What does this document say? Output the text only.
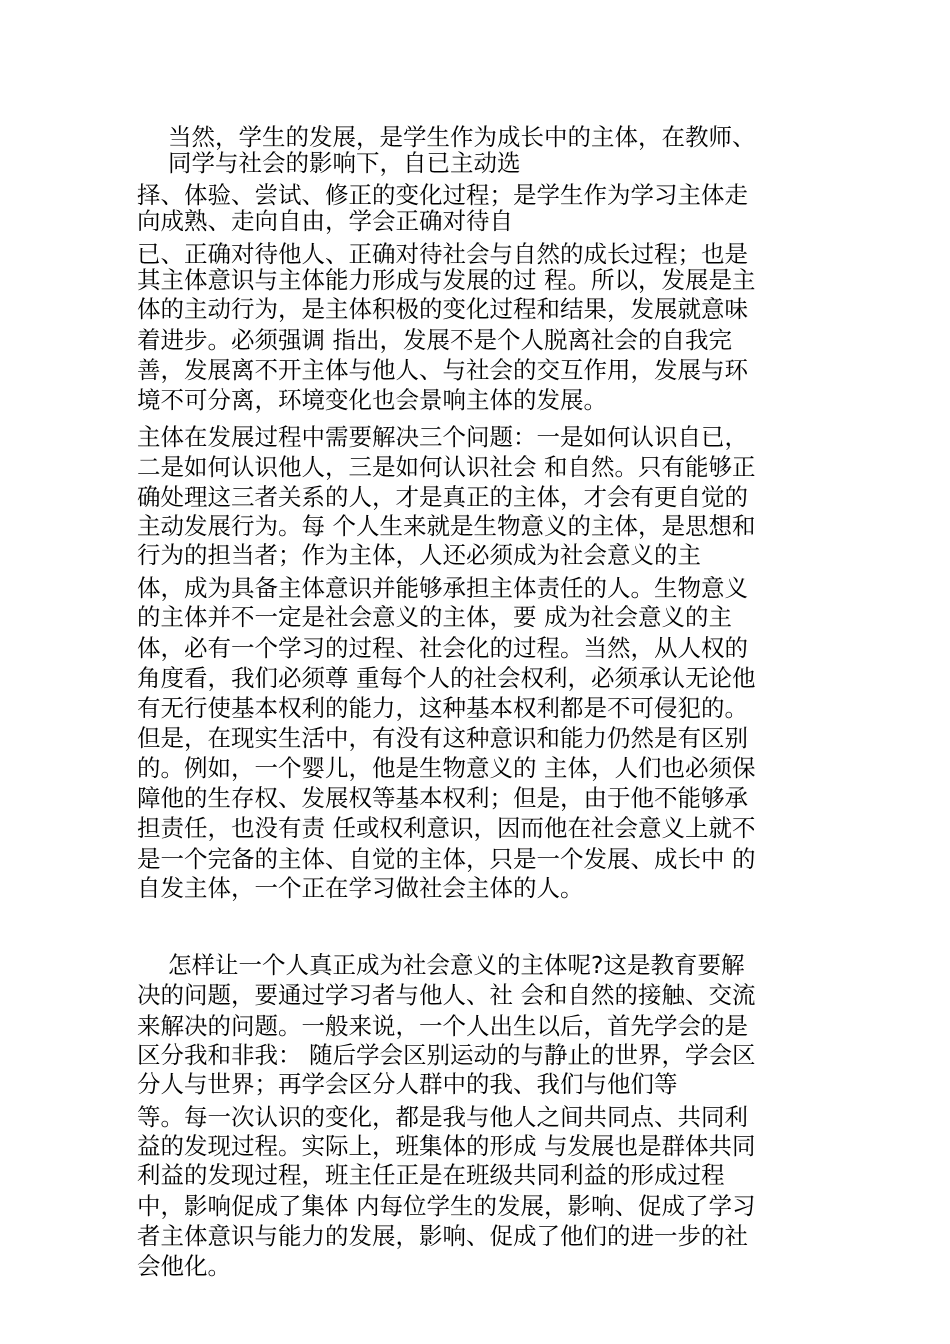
当然，学生的发展，是学生作为成长中的主体，在教师、

同学与社会的影响下，自已主动选

择、体验、尝试、修正的变化过程；是学生作为学习主体走

向成熟、走向自由，学会正确对待自

已、正确对待他人、正确对待社会与自然的成长过程；也是

其主体意识与主体能力形成与发展的过 程。所以，发展是主

体的主动行为，是主体积极的变化过程和结果，发展就意味

着进步。必须强调 指出，发展不是个人脱离社会的自我完

善，发展离不开主体与他人、与社会的交互作用，发展与环

境不可分离，环境变化也会景响主体的发展。

主体在发展过程中需要解决三个问题：一是如何认识自已，

二是如何认识他人，三是如何认识社会 和自然。只有能够正

确处理这三者关系的人，才是真正的主体，才会有更自觉的

主动发展行为。每 个人生来就是生物意义的主体，是思想和

行为的担当者；作为主体，人还必须成为社会意义的主

体，成为具备主体意识并能够承担主体责任的人。生物意义

的主体并不一定是社会意义的主体，要 成为社会意义的主

体，必有一个学习的过程、社会化的过程。当然，从人权的

角度看，我们必须尊 重每个人的社会权利，必须承认无论他

有无行使基本权利的能力，这种基本权利都是不可侵犯的。

但是，在现实生活中，有没有这种意识和能力仍然是有区别

的。例如，一个婴儿，他是生物意义的 主体，人们也必须保

障他的生存权、发展权等基本权利；但是，由于他不能够承

担责任，也没有责 任或权利意识，因而他在社会意义上就不

是一个完备的主体、自觉的主体，只是一个发展、成长中 的

自发主体，一个正在学习做社会主体的人。

怎样让一个人真正成为社会意义的主体呢?这是教育要解

决的问题，要通过学习者与他人、社 会和自然的接触、交流

来解决的问题。一般来说，一个人出生以后，首先学会的是

区分我和非我： 随后学会区别运动的与静止的世界，学会区

分人与世界；再学会区分人群中的我、我们与他们等

等。每一次认识的变化，都是我与他人之间共同点、共同利

益的发现过程。实际上，班集体的形成 与发展也是群体共同

利益的发现过程，班主任正是在班级共同利益的形成过程

中，影响促成了集体 内每位学生的发展，影响、促成了学习

者主体意识与能力的发展，影响、促成了他们的进一步的社

会他化。
